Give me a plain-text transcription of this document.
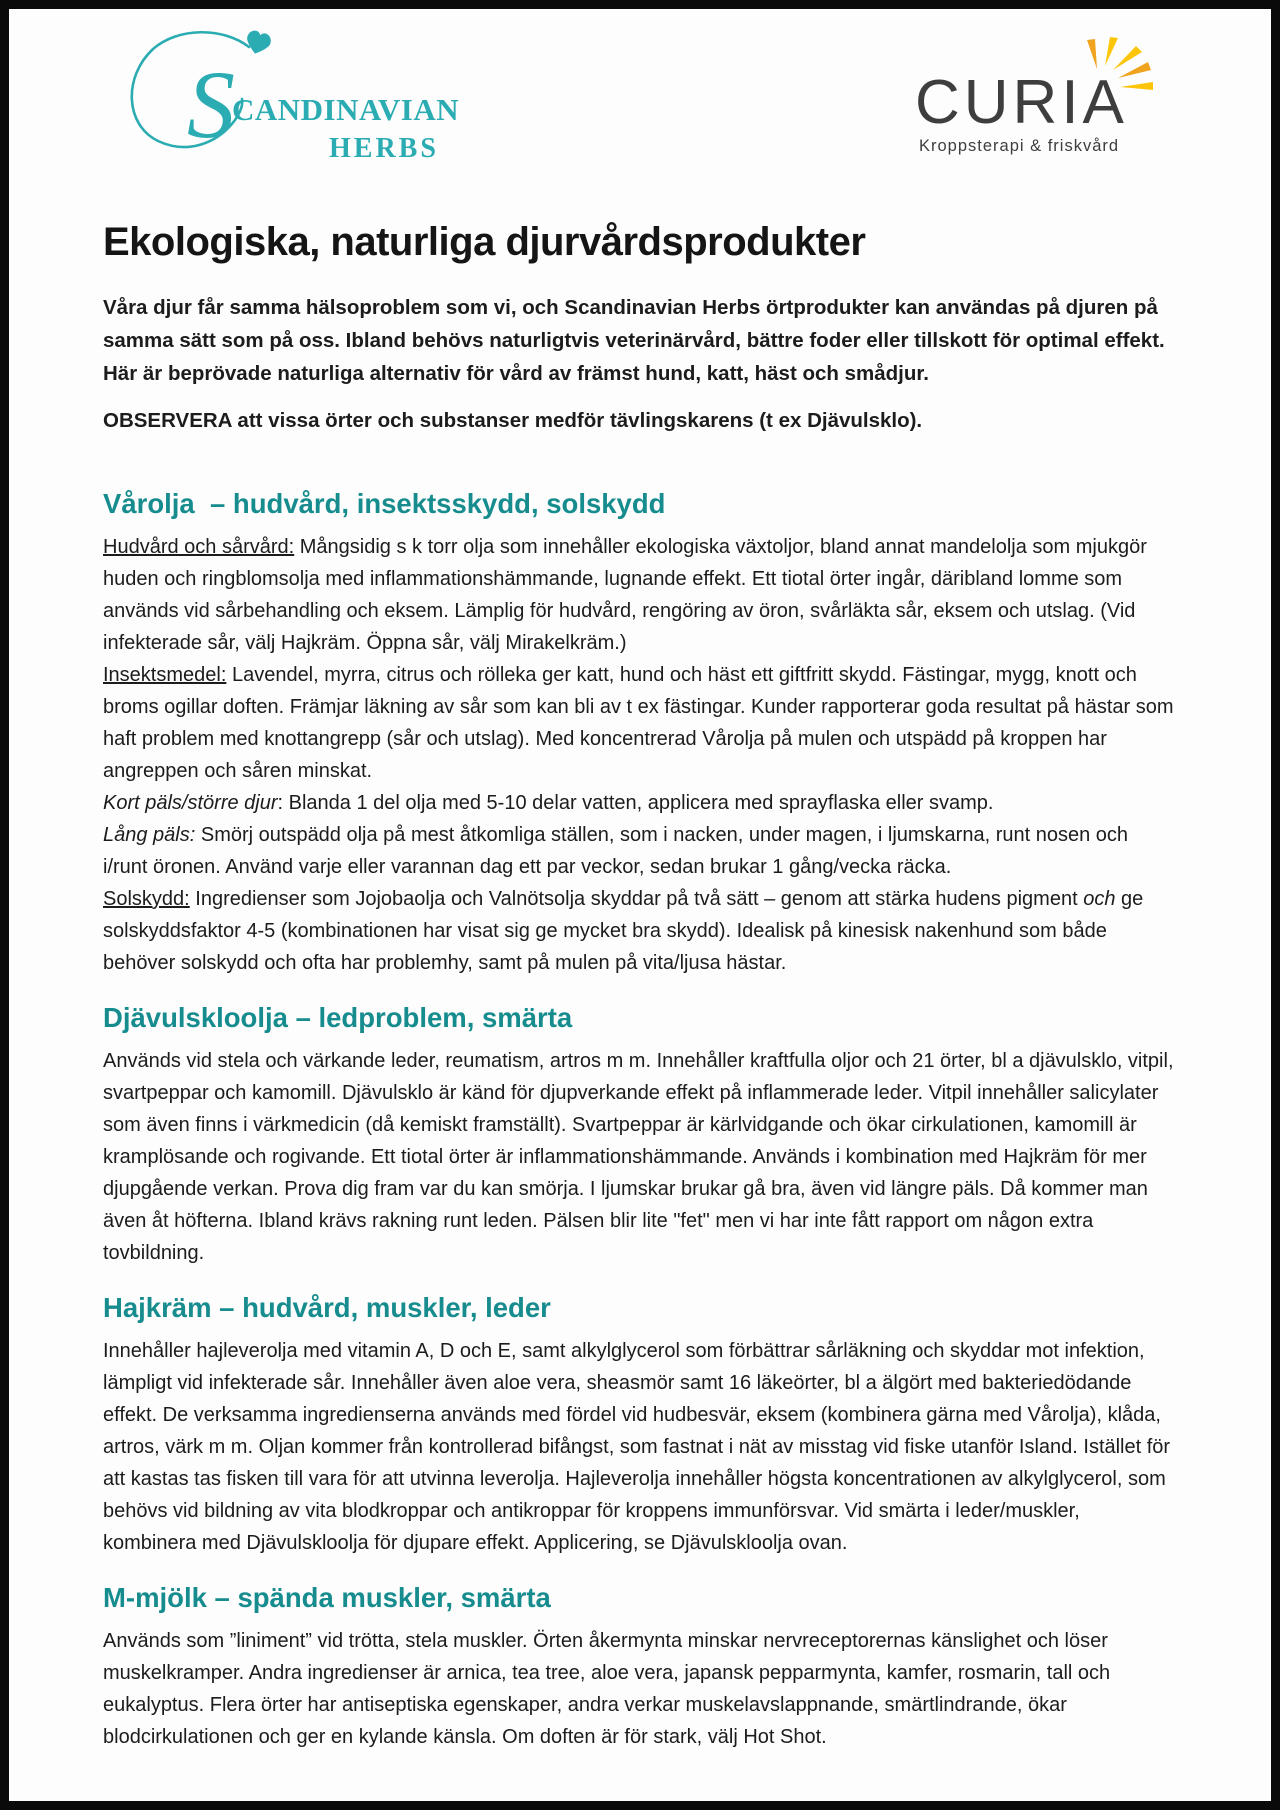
S
CANDINAVIAN
HERBS
CURIA
Kroppsterapi & friskvård
Ekologiska, naturliga djurvårdsprodukter

Våra djur får samma hälsoproblem som vi, och Scandinavian Herbs örtprodukter kan användas på djuren på samma sätt som på oss. Ibland behövs naturligtvis veterinärvård, bättre foder eller tillskott för optimal effekt. Här är beprövade naturliga alternativ för vård av främst hund, katt, häst och smådjur.

OBSERVERA att vissa örter och substanser medför tävlingskarens (t ex Djävulsklo).

Vårolja  – hudvård, insektsskydd, solskydd

Hudvård och sårvård: Mångsidig s k torr olja som innehåller ekologiska växtoljor, bland annat mandelolja som mjukgör huden och ringblomsolja med inflammationshämmande, lugnande effekt. Ett tiotal örter ingår, däribland lomme som används vid sårbehandling och eksem. Lämplig för hudvård, rengöring av öron, svårläkta sår, eksem och utslag. (Vid infekterade sår, välj Hajkräm. Öppna sår, välj Mirakelkräm.)

Insektsmedel: Lavendel, myrra, citrus och rölleka ger katt, hund och häst ett giftfritt skydd. Fästingar, mygg, knott och broms ogillar doften. Främjar läkning av sår som kan bli av t ex fästingar. Kunder rapporterar goda resultat på hästar som haft problem med knottangrepp (sår och utslag). Med koncentrerad Vårolja på mulen och utspädd på kroppen har angreppen och såren minskat.

Kort päls/större djur: Blanda 1 del olja med 5-10 delar vatten, applicera med sprayflaska eller svamp.

Lång päls: Smörj outspädd olja på mest åtkomliga ställen, som i nacken, under magen, i ljumskarna, runt nosen och i/runt öronen. Använd varje eller varannan dag ett par veckor, sedan brukar 1 gång/vecka räcka.

Solskydd: Ingredienser som Jojobaolja och Valnötsolja skyddar på två sätt – genom att stärka hudens pigment och ge solskyddsfaktor 4-5 (kombinationen har visat sig ge mycket bra skydd). Idealisk på kinesisk nakenhund som både behöver solskydd och ofta har problemhy, samt på mulen på vita/ljusa hästar.

Djävulskloolja – ledproblem, smärta

Används vid stela och värkande leder, reumatism, artros m m. Innehåller kraftfulla oljor och 21 örter, bl a djävulsklo, vitpil, svartpeppar och kamomill. Djävulsklo är känd för djupverkande effekt på inflammerade leder. Vitpil innehåller salicylater som även finns i värkmedicin (då kemiskt framställt). Svartpeppar är kärlvidgande och ökar cirkulationen, kamomill är kramplösande och rogivande. Ett tiotal örter är inflammationshämmande. Används i kombination med Hajkräm för mer djupgående verkan. Prova dig fram var du kan smörja. I ljumskar brukar gå bra, även vid längre päls. Då kommer man även åt höfterna. Ibland krävs rakning runt leden. Pälsen blir lite "fet" men vi har inte fått rapport om någon extra tovbildning.

Hajkräm – hudvård, muskler, leder

Innehåller hajleverolja med vitamin A, D och E, samt alkylglycerol som förbättrar sårläkning och skyddar mot infektion, lämpligt vid infekterade sår. Innehåller även aloe vera, sheasmör samt 16 läkeörter, bl a älgört med bakteriedödande effekt. De verksamma ingredienserna används med fördel vid hudbesvär, eksem (kombinera gärna med Vårolja), klåda, artros, värk m m. Oljan kommer från kontrollerad bifångst, som fastnat i nät av misstag vid fiske utanför Island. Istället för att kastas tas fisken till vara för att utvinna leverolja. Hajleverolja innehåller högsta koncentrationen av alkylglycerol, som behövs vid bildning av vita blodkroppar och antikroppar för kroppens immunförsvar. Vid smärta i leder/muskler, kombinera med Djävulskloolja för djupare effekt. Applicering, se Djävulskloolja ovan.

M-mjölk – spända muskler, smärta

Används som ”liniment” vid trötta, stela muskler. Örten åkermynta minskar nervreceptorernas känslighet och löser muskelkramper. Andra ingredienser är arnica, tea tree, aloe vera, japansk pepparmynta, kamfer, rosmarin, tall och eukalyptus. Flera örter har antiseptiska egenskaper, andra verkar muskelavslappnande, smärtlindrande, ökar blodcirkulationen och ger en kylande känsla. Om doften är för stark, välj Hot Shot.
